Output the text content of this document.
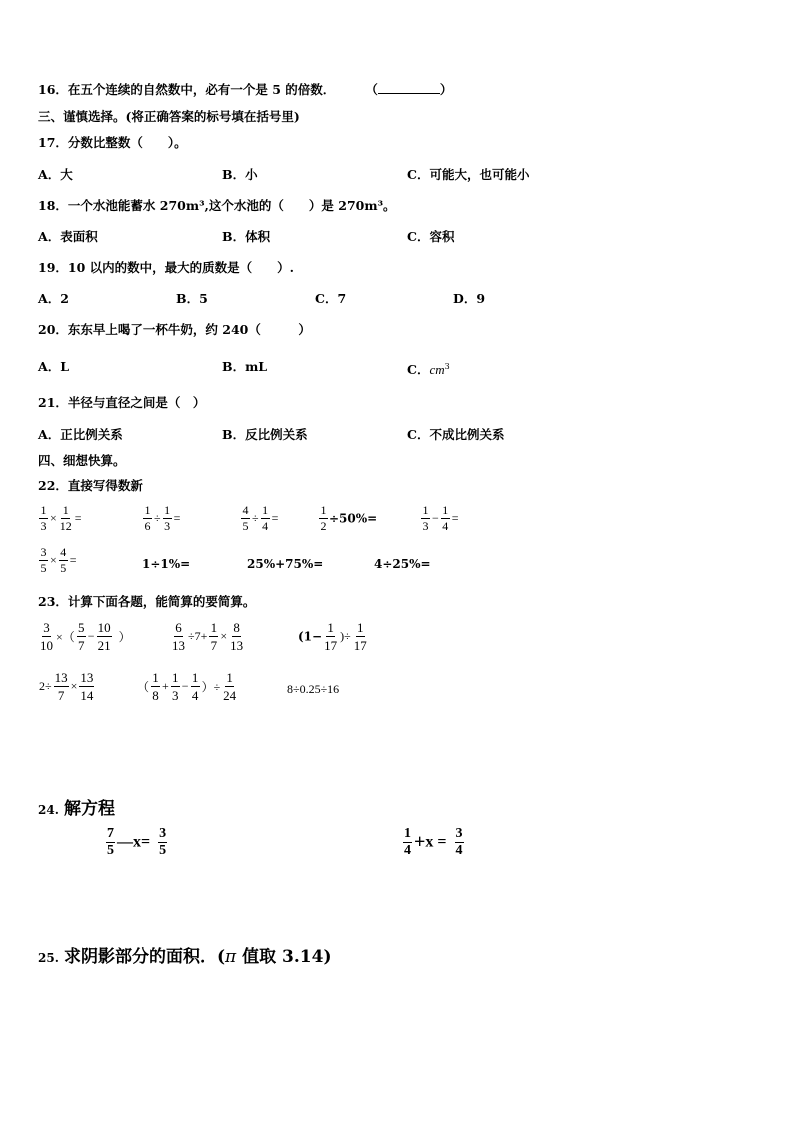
16．在五个连续的自然数中，必有一个是 5 的倍数． （	）
三、谨慎选择。(将正确答案的标号填在括号里)
17．分数比整数（　　）。
A．大	B．小	C．可能大，也可能小
18．一个水池能蓄水 270m³,这个水池的（　　）是 270m³。
A．表面积	B．体积	C．容积
19．10 以内的数中，最大的质数是（　　）.
A．2	B．5	C．7	D．9
20．东东早上喝了一杯牛奶，约 240（　　　）
A．L	B．mL	C．$cm^3$
21．半径与直径之间是（　）
A．正比例关系	B．反比例关系	C．不成比例关系
四、细想快算。
22．直接写得数新
$\frac{1}{3} \times \frac{1}{12}$ =	$\frac{1}{6} \div \frac{1}{3}$ =	$\frac{4}{5} \div \frac{1}{4}$ =	$\frac{1}{2} \div 50\%=$	$\frac{1}{3} - \frac{1}{4}$ =
$\frac{3}{5} \times \frac{4}{5}$ =	1÷1%=	25%+75%=	4÷25%=
23．计算下面各题，能简算的要简算。
$\frac{3}{10}$ ×（ $\frac{5}{7} - \frac{10}{21}$ ）	$\frac{6}{13} \div 7+ \frac{1}{7} \times \frac{8}{13}$	($1- \frac{1}{17}$ )÷ $\frac{1}{17}$
$2\div \frac{13}{7} \times \frac{13}{14}$	（ $\frac{1}{8} + \frac{1}{3} - \frac{1}{4}$ ）÷ $\frac{1}{24}$	8÷0.25÷16
24. 解方程
$\frac{7}{5}$ —x= $\frac{3}{5}$	$\frac{1}{4} +x = \frac{3}{4}$
25. 求阴影部分的面积．(π 值取 3.14)
